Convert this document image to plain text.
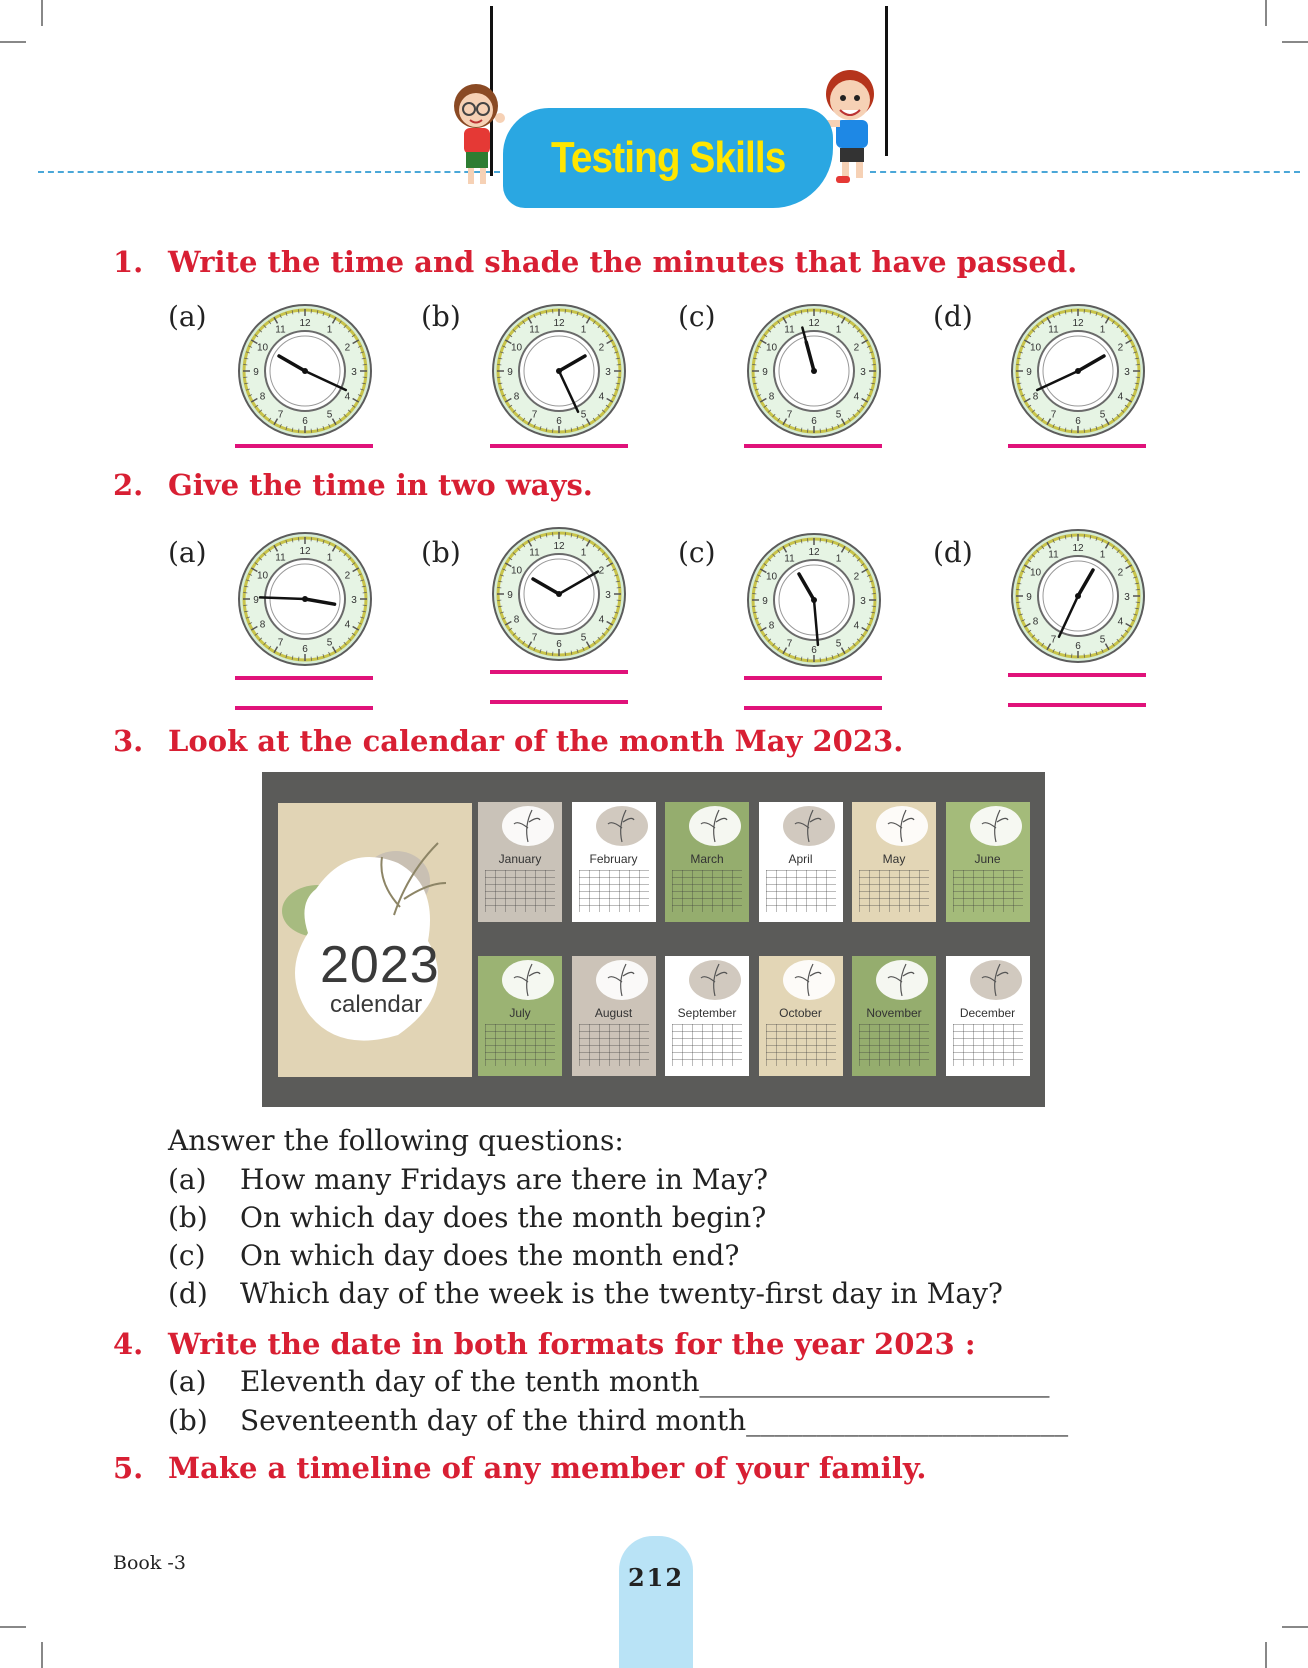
Testing Skills
1. Write the time and shade the minutes that have passed.
(a)	(b)	(c)	(d)
1
2
3
4
5
6
7
8
9
10
11
12
1
2
3
4
5
6
7
8
9
10
11
12
1
2
3
4
5
6
7
8
9
10
11
12
1
2
3
4
5
6
7
8
9
10
11
12
2. Give the time in two ways.
(a)	(b)	(c)	(d)
1
2
3
4
5
6
7
8
9
10
11
12	1
2
3
4
5
6
7
8
9
10
11
12
1
2
3
4
5
6
7
8
9
10
11
12	1
2
3
4
5
6
7
8
9
10
11
12
3. Look at the calendar of the month May 2023.
2023
calendar
January	February	March	April	May	June
July	August	September	October	November	December
Answer the following questions:
(a)	How many Fridays are there in May?
(b)	On which day does the month begin?
(c)	On which day does the month end?
(d)	Which day of the week is the twenty-first day in May?
4. Write the date in both formats for the year 2023 :
(a)	Eleventh day of the tenth month_________________________
(b)	Seventeenth day of the third month_______________________
5. Make a timeline of any member of your family.
Book -3	212
